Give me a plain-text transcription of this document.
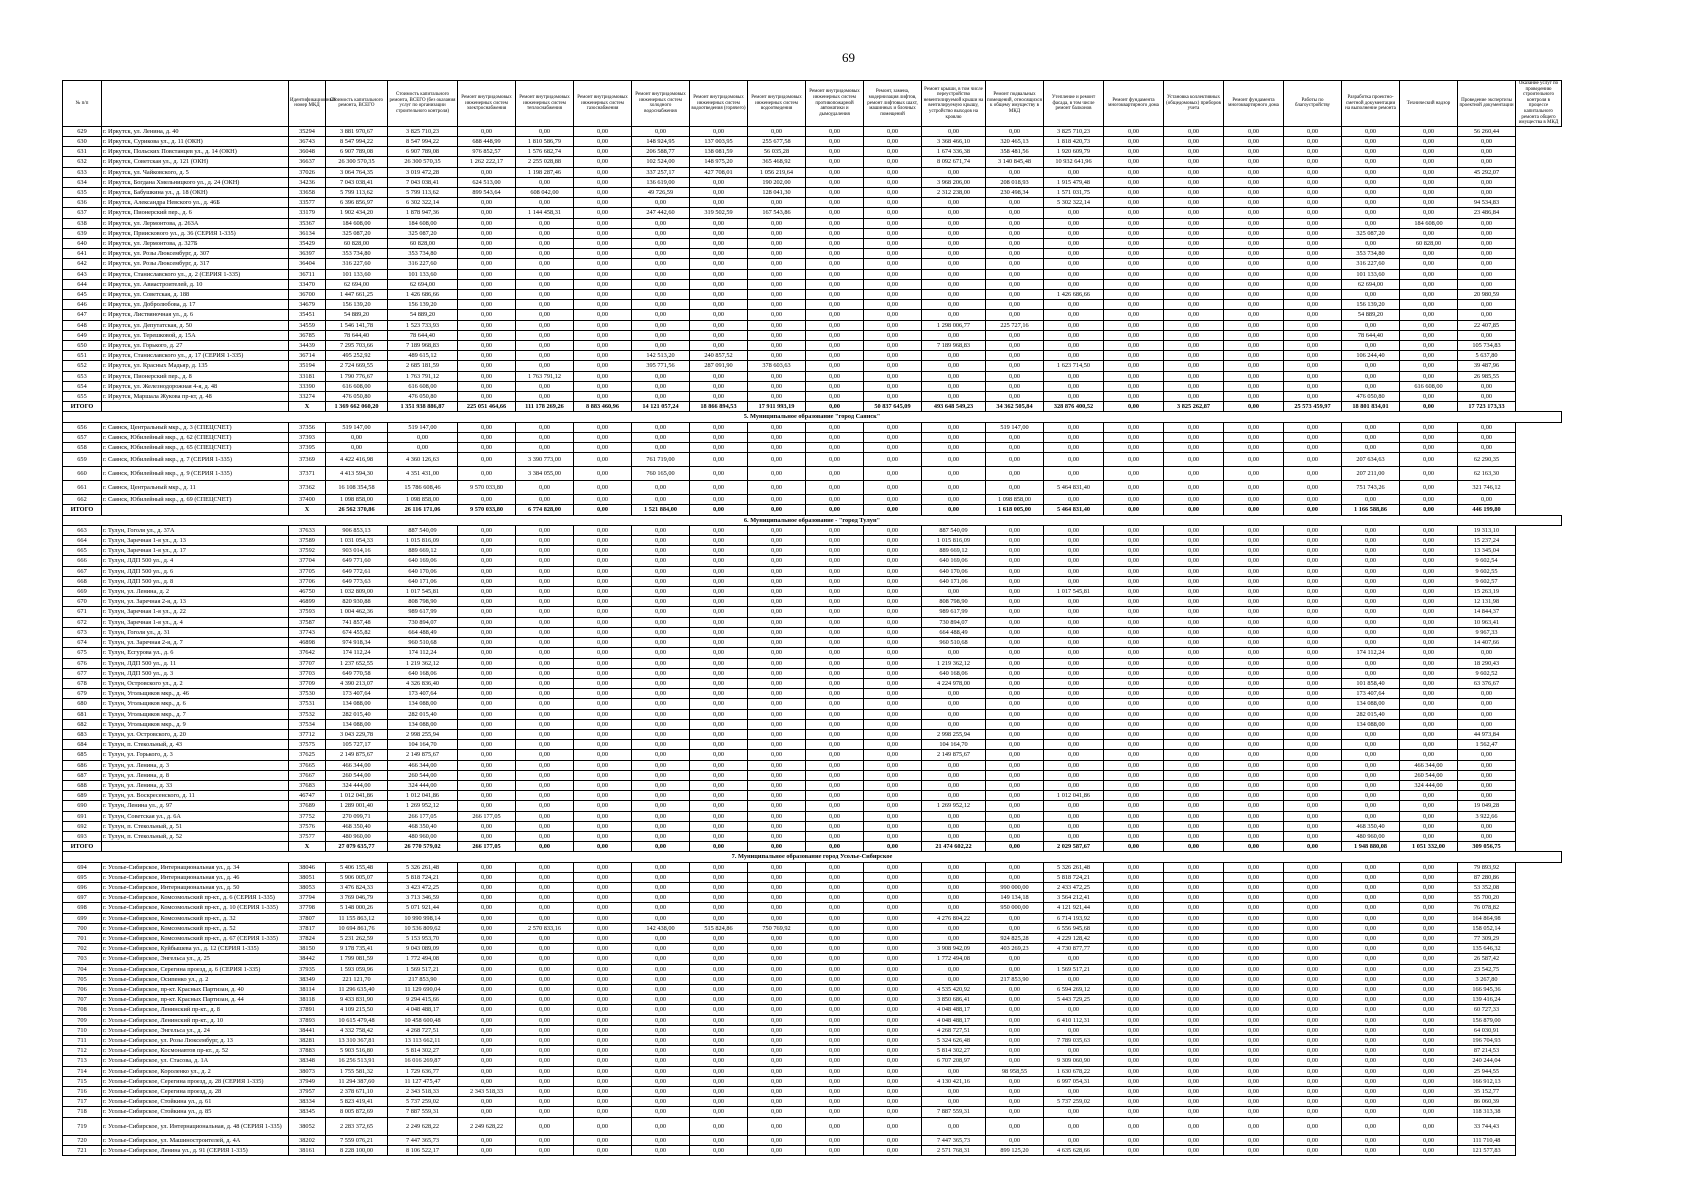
69
№ п/п		Идентификационный номер МКД	Стоимость капитального ремонта, ВСЕГО	Стоимость капитального ремонта, ВСЕГО (без оказания услуг по организации строительного контроля)	Ремонт внутридомовых инженерных систем электроснабжения	Ремонт внутридомовых инженерных систем теплоснабжения	Ремонт внутридомовых инженерных систем газоснабжения	Ремонт внутридомовых инженерных систем холодного водоснабжения	Ремонт внутридомовых инженерных систем водоотведения (горячего)	Ремонт внутридомовых инженерных систем водоотведения	Ремонт внутридомовых инженерных систем противопожарной автоматики и дымоудаления	Ремонт, замена, модернизация лифтов, ремонт лифтовых шахт, машинных и блочных помещений	Ремонт крыши, в том числе переустройство невентилируемой крыши на вентилируемую крышу, устройство выходов на кровлю	Ремонт подвальных помещений, относящихся к общему имуществу в МКД	Утепление и ремонт фасада, в том числе ремонт балконов	Ремонт фундамента многоквартирного дома	Установка коллективных (общедомовых) приборов учета	Ремонт фундамента многоквартирного дома	Работы по благоустройству	Разработка проектно-сметной документации на выполнение ремонта	Технический надзор	Проведение экспертизы проектной документации	Оказание услуг по проведению строительного контроля в процессе капитального ремонта общего имущества в МКД
629	г. Иркутск, ул. Ленина, д. 40	35294	3 881 970,67	3 825 710,23	0,00	0,00	0,00	0,00	0,00	0,00	0,00	0,00	0,00	0,00	3 825 710,23	0,00	0,00	0,00	0,00	0,00	0,00	56 260,44	
630	г. Иркутск, Сурикова ул., д. 11 (ОКН)	36743	8 547 994,22	8 547 994,22	688 448,99	1 810 586,79	0,00	148 924,95	137 003,95	255 677,58	0,00	0,00	3 368 466,10	320 465,13	1 818 420,73	0,00	0,00	0,00	0,00	0,00	0,00	0,00	
631	г. Иркутск, Польских Повстанцев ул., д. 14 (ОКН)	36048	6 907 789,08	6 907 789,08	976 852,57	1 576 682,74	0,00	206 588,77	138 081,59	56 035,28	0,00	0,00	1 674 336,38	358 481,56	1 920 609,79	0,00	0,00	0,00	0,00	0,00	0,00	0,00	
632	г. Иркутск, Советская ул., д. 121 (ОКН)	36637	26 300 570,35	26 300 570,35	1 262 222,17	2 255 028,88	0,00	102 524,00	148 975,20	365 468,92	0,00	0,00	8 092 671,74	3 140 845,48	10 932 641,96	0,00	0,00	0,00	0,00	0,00	0,00	0,00	
633	г. Иркутск, ул. Чайковского, д. 5	37026	3 064 764,35	3 019 472,28	0,00	1 198 287,46	0,00	337 257,17	427 708,01	1 056 219,64	0,00	0,00	0,00	0,00	0,00	0,00	0,00	0,00	0,00	0,00	0,00	45 292,07	
634	г. Иркутск, Богдана Хмельницкого ул., д. 24 (ОКН)	34236	7 043 038,41	7 043 038,41	624 513,00	0,00	0,00	136 619,00	0,00	190 202,00	0,00	0,00	3 968 206,00	208 018,93	1 915 479,48	0,00	0,00	0,00	0,00	0,00	0,00	0,00	
635	г. Иркутск, Бабушкина ул., д. 18 (ОКН)	33658	5 799 113,62	5 799 113,62	899 543,64	608 042,00	0,00	49 726,59	0,00	128 041,30	0,00	0,00	2 312 238,00	230 498,34	1 571 031,75	0,00	0,00	0,00	0,00	0,00	0,00	0,00	
636	г. Иркутск, Александра Невского ул., д. 46Б	33577	6 396 856,97	6 302 322,14	0,00	0,00	0,00	0,00	0,00	0,00	0,00	0,00	0,00	0,00	5 302 322,14	0,00	0,00	0,00	0,00	0,00	0,00	94 534,83	
637	г. Иркутск, Пионерский пер., д. 6	33179	1 902 434,20	1 878 947,36	0,00	1 144 458,31	0,00	247 442,60	319 502,59	167 543,86	0,00	0,00	0,00	0,00	0,00	0,00	0,00	0,00	0,00	0,00	0,00	23 486,84	
638	г. Иркутск, ул. Лермонтова, д. 263А	35367	184 608,00	184 608,00	0,00	0,00	0,00	0,00	0,00	0,00	0,00	0,00	0,00	0,00	0,00	0,00	0,00	0,00	0,00	0,00	184 608,00	0,00	
639	г. Иркутск, Приискового ул., д. 36 (СЕРИЯ 1-335)	36134	325 087,20	325 087,20	0,00	0,00	0,00	0,00	0,00	0,00	0,00	0,00	0,00	0,00	0,00	0,00	0,00	0,00	0,00	325 087,20	0,00	0,00	
640	г. Иркутск, ул. Лермонтова, д. 327Б	35429	60 828,00	60 828,00	0,00	0,00	0,00	0,00	0,00	0,00	0,00	0,00	0,00	0,00	0,00	0,00	0,00	0,00	0,00	0,00	60 828,00	0,00	
641	г. Иркутск, ул. Розы Люксембург, д. 307	36397	353 734,80	353 734,80	0,00	0,00	0,00	0,00	0,00	0,00	0,00	0,00	0,00	0,00	0,00	0,00	0,00	0,00	0,00	353 734,80	0,00	0,00	
642	г. Иркутск, ул. Розы Люксембург, д. 317	36404	316 227,60	316 227,60	0,00	0,00	0,00	0,00	0,00	0,00	0,00	0,00	0,00	0,00	0,00	0,00	0,00	0,00	0,00	316 227,60	0,00	0,00	
643	г. Иркутск, Станиславского ул., д. 2 (СЕРИЯ 1-335)	36711	101 133,60	101 133,60	0,00	0,00	0,00	0,00	0,00	0,00	0,00	0,00	0,00	0,00	0,00	0,00	0,00	0,00	0,00	101 133,60	0,00	0,00	
644	г. Иркутск, ул. Авиастроителей, д. 10	33470	62 694,00	62 694,00	0,00	0,00	0,00	0,00	0,00	0,00	0,00	0,00	0,00	0,00	0,00	0,00	0,00	0,00	0,00	62 694,00	0,00	0,00	
645	г. Иркутск, ул. Советская, д. 188	36700	1 447 661,25	1 426 686,66	0,00	0,00	0,00	0,00	0,00	0,00	0,00	0,00	0,00	0,00	1 426 686,66	0,00	0,00	0,00	0,00	0,00	0,00	20 980,59	
646	г. Иркутск, ул. Добролюбова, д. 17	34679	156 139,20	156 139,20	0,00	0,00	0,00	0,00	0,00	0,00	0,00	0,00	0,00	0,00	0,00	0,00	0,00	0,00	0,00	156 139,20	0,00	0,00	
647	г. Иркутск, Листвяночная ул., д. 6	35451	54 889,20	54 889,20	0,00	0,00	0,00	0,00	0,00	0,00	0,00	0,00	0,00	0,00	0,00	0,00	0,00	0,00	0,00	54 889,20	0,00	0,00	
648	г. Иркутск, ул. Депутатская, д. 50	34559	1 546 141,78	1 523 733,93	0,00	0,00	0,00	0,00	0,00	0,00	0,00	0,00	1 298 006,77	225 727,16	0,00	0,00	0,00	0,00	0,00	0,00	0,00	22 407,85	
649	г. Иркутск, ул. Терешковой, д. 15А	36785	78 644,40	78 644,40	0,00	0,00	0,00	0,00	0,00	0,00	0,00	0,00	0,00	0,00	0,00	0,00	0,00	0,00	0,00	78 644,40	0,00	0,00	
650	г. Иркутск, ул. Горького, д. 27	34439	7 295 703,66	7 189 968,83	0,00	0,00	0,00	0,00	0,00	0,00	0,00	0,00	7 189 968,83	0,00	0,00	0,00	0,00	0,00	0,00	0,00	0,00	105 734,83	
651	г. Иркутск, Станиславского ул., д. 17 (СЕРИЯ 1-335)	36714	495 252,92	489 615,12	0,00	0,00	0,00	142 513,20	240 857,52	0,00	0,00	0,00	0,00	0,00	0,00	0,00	0,00	0,00	0,00	106 244,40	0,00	5 637,80	
652	г. Иркутск, ул. Красных Мадьяр, д. 135	35194	2 724 669,55	2 685 181,59	0,00	0,00	0,00	395 771,56	287 091,90	378 603,63	0,00	0,00	0,00	0,00	1 623 714,50	0,00	0,00	0,00	0,00	0,00	0,00	39 487,96	
653	г. Иркутск, Пионерский пер., д. 8	33181	1 790 776,67	1 763 791,12	0,00	1 763 791,12	0,00	0,00	0,00	0,00	0,00	0,00	0,00	0,00	0,00	0,00	0,00	0,00	0,00	0,00	0,00	26 985,55	
654	г. Иркутск, ул. Железнодорожная 4-я, д. 48	33390	616 608,00	616 608,00	0,00	0,00	0,00	0,00	0,00	0,00	0,00	0,00	0,00	0,00	0,00	0,00	0,00	0,00	0,00	0,00	616 608,00	0,00	
655	г. Иркутск, Маршала Жукова пр-кт, д. 48	33274	476 050,80	476 050,80	0,00	0,00	0,00	0,00	0,00	0,00	0,00	0,00	0,00	0,00	0,00	0,00	0,00	0,00	0,00	476 050,80	0,00	0,00	
ИТОГО		X	1 369 662 060,20	1 351 938 886,87	225 051 464,66	111 178 269,26	8 883 460,96	14 121 057,24	18 866 894,53	17 911 993,19	0,00	50 837 645,09	493 648 549,23	34 362 505,84	328 876 400,52	0,00	3 825 262,87	0,00	25 573 459,97	18 801 834,01	0,00	17 723 173,33	
5. Муниципальное образование "город Саянск"																							
656	г. Саянск, Центральный мкр., д. 3 (СПЕЦСЧЕТ)	37356	519 147,00	519 147,00	0,00	0,00	0,00	0,00	0,00	0,00	0,00	0,00	0,00	519 147,00	0,00	0,00	0,00	0,00	0,00	0,00	0,00	0,00	
657	г. Саянск, Юбилейный мкр., д. 62 (СПЕЦСЧЕТ)	37393	0,00	0,00	0,00	0,00	0,00	0,00	0,00	0,00	0,00	0,00	0,00	0,00	0,00	0,00	0,00	0,00	0,00	0,00	0,00	0,00	
658	г. Саянск, Юбилейный мкр., д. 65 (СПЕЦСЧЕТ)	37395	0,00	0,00	0,00	0,00	0,00	0,00	0,00	0,00	0,00	0,00	0,00	0,00	0,00	0,00	0,00	0,00	0,00	0,00	0,00	0,00	
659	г. Саянск, Юбилейный мкр., д. 7 (СЕРИЯ 1-335)	37369	4 422 416,98	4 360 126,63	0,00	3 390 773,00	0,00	761 719,00	0,00	0,00	0,00	0,00	0,00	0,00	0,00	0,00	0,00	0,00	0,00	207 634,63	0,00	62 290,35	
660	г. Саянск, Юбилейный мкр., д. 9 (СЕРИЯ 1-335)	37371	4 413 594,30	4 351 431,00	0,00	3 384 055,00	0,00	760 165,00	0,00	0,00	0,00	0,00	0,00	0,00	0,00	0,00	0,00	0,00	0,00	207 211,00	0,00	62 163,30	
661	г. Саянск, Центральный мкр., д. 11	37362	16 108 354,58	15 786 608,46	9 570 033,80	0,00	0,00	0,00	0,00	0,00	0,00	0,00	0,00	0,00	5 464 831,40	0,00	0,00	0,00	0,00	751 743,26	0,00	321 746,12	
662	г. Саянск, Юбилейный мкр., д. 69 (СПЕЦСЧЕТ)	37400	1 098 858,00	1 098 858,00	0,00	0,00	0,00	0,00	0,00	0,00	0,00	0,00	0,00	1 098 858,00	0,00	0,00	0,00	0,00	0,00	0,00	0,00	0,00	
ИТОГО		X	26 562 370,86	26 116 171,06	9 570 033,80	6 774 828,00	0,00	1 521 884,00	0,00	0,00	0,00	0,00	0,00	1 618 005,00	5 464 831,40	0,00	0,00	0,00	0,00	1 166 588,86	0,00	446 199,80	
6. Муниципальное образование - "город Тулун"																							
663	г. Тулун, Гоголя ул., д. 37А	37633	906 853,13	887 540,09	0,00	0,00	0,00	0,00	0,00	0,00	0,00	0,00	887 540,09	0,00	0,00	0,00	0,00	0,00	0,00	0,00	0,00	19 313,10	
664	г. Тулун, Заречная 1-я ул., д. 13	37589	1 031 054,33	1 015 816,09	0,00	0,00	0,00	0,00	0,00	0,00	0,00	0,00	1 015 816,09	0,00	0,00	0,00	0,00	0,00	0,00	0,00	0,00	15 237,24	
665	г. Тулун, Заречная 1-я ул., д. 17	37592	903 014,16	889 669,12	0,00	0,00	0,00	0,00	0,00	0,00	0,00	0,00	889 669,12	0,00	0,00	0,00	0,00	0,00	0,00	0,00	0,00	13 345,04	
666	г. Тулун, ЛДП 500 ул., д. 4	37704	649 771,60	640 169,06	0,00	0,00	0,00	0,00	0,00	0,00	0,00	0,00	640 169,06	0,00	0,00	0,00	0,00	0,00	0,00	0,00	0,00	9 602,54	
667	г. Тулун, ЛДП 500 ул., д. 6	37705	649 772,61	640 170,06	0,00	0,00	0,00	0,00	0,00	0,00	0,00	0,00	640 170,06	0,00	0,00	0,00	0,00	0,00	0,00	0,00	0,00	9 602,55	
668	г. Тулун, ЛДП 500 ул., д. 8	37706	649 773,63	640 171,06	0,00	0,00	0,00	0,00	0,00	0,00	0,00	0,00	640 171,06	0,00	0,00	0,00	0,00	0,00	0,00	0,00	0,00	9 602,57	
669	г. Тулун, ул. Ленина, д. 2	46750	1 032 809,00	1 017 545,81	0,00	0,00	0,00	0,00	0,00	0,00	0,00	0,00	0,00	0,00	1 017 545,81	0,00	0,00	0,00	0,00	0,00	0,00	15 263,19	
670	г. Тулун, ул. Заречная 2-я, д. 13	46899	820 930,88	808 798,90	0,00	0,00	0,00	0,00	0,00	0,00	0,00	0,00	808 798,90	0,00	0,00	0,00	0,00	0,00	0,00	0,00	0,00	12 131,98	
671	г. Тулун, Заречная 1-я ул., д. 22	37593	1 004 462,36	989 617,99	0,00	0,00	0,00	0,00	0,00	0,00	0,00	0,00	989 617,99	0,00	0,00	0,00	0,00	0,00	0,00	0,00	0,00	14 844,37	
672	г. Тулун, Заречная 1-я ул., д. 4	37587	741 857,48	730 894,07	0,00	0,00	0,00	0,00	0,00	0,00	0,00	0,00	730 894,07	0,00	0,00	0,00	0,00	0,00	0,00	0,00	0,00	10 963,41	
673	г. Тулун, Гоголя ул., д. 31	37743	674 455,82	664 488,49	0,00	0,00	0,00	0,00	0,00	0,00	0,00	0,00	664 488,49	0,00	0,00	0,00	0,00	0,00	0,00	0,00	0,00	9 967,33	
674	г. Тулун, ул. Заречная 2-я, д. 7	46898	974 918,34	960 510,68	0,00	0,00	0,00	0,00	0,00	0,00	0,00	0,00	960 510,68	0,00	0,00	0,00	0,00	0,00	0,00	0,00	0,00	14 407,66	
675	г. Тулун, Есгурова ул., д. 6	37642	174 112,24	174 112,24	0,00	0,00	0,00	0,00	0,00	0,00	0,00	0,00	0,00	0,00	0,00	0,00	0,00	0,00	0,00	174 112,24	0,00	0,00	
676	г. Тулун, ЛДП 500 ул., д. 11	37707	1 237 652,55	1 219 362,12	0,00	0,00	0,00	0,00	0,00	0,00	0,00	0,00	1 219 362,12	0,00	0,00	0,00	0,00	0,00	0,00	0,00	0,00	18 290,43	
677	г. Тулун, ЛДП 500 ул., д. 3	37703	649 770,58	640 168,06	0,00	0,00	0,00	0,00	0,00	0,00	0,00	0,00	640 168,06	0,00	0,00	0,00	0,00	0,00	0,00	0,00	0,00	9 602,52	
678	г. Тулун, Островского ул., д. 2	37709	4 390 213,07	4 326 836,40	0,00	0,00	0,00	0,00	0,00	0,00	0,00	0,00	4 224 978,00	0,00	0,00	0,00	0,00	0,00	0,00	101 858,40	0,00	63 376,67	
679	г. Тулун, Угольщиков мкр., д. 46	37530	173 407,64	173 407,64	0,00	0,00	0,00	0,00	0,00	0,00	0,00	0,00	0,00	0,00	0,00	0,00	0,00	0,00	0,00	173 407,64	0,00	0,00	
680	г. Тулун, Угольщиков мкр., д. 6	37531	134 088,00	134 088,00	0,00	0,00	0,00	0,00	0,00	0,00	0,00	0,00	0,00	0,00	0,00	0,00	0,00	0,00	0,00	134 088,00	0,00	0,00	
681	г. Тулун, Угольщиков мкр., д. 7	37532	282 015,40	282 015,40	0,00	0,00	0,00	0,00	0,00	0,00	0,00	0,00	0,00	0,00	0,00	0,00	0,00	0,00	0,00	282 015,40	0,00	0,00	
682	г. Тулун, Угольщиков мкр., д. 9	37534	134 088,00	134 088,00	0,00	0,00	0,00	0,00	0,00	0,00	0,00	0,00	0,00	0,00	0,00	0,00	0,00	0,00	0,00	134 088,00	0,00	0,00	
683	г. Тулун, ул. Островского, д. 20	37712	3 043 229,78	2 998 255,94	0,00	0,00	0,00	0,00	0,00	0,00	0,00	0,00	2 998 255,94	0,00	0,00	0,00	0,00	0,00	0,00	0,00	0,00	44 973,84	
684	г. Тулун, п. Стекольный, д. 43	37575	105 727,17	104 164,70	0,00	0,00	0,00	0,00	0,00	0,00	0,00	0,00	104 164,70	0,00	0,00	0,00	0,00	0,00	0,00	0,00	0,00	1 562,47	
685	г. Тулун, ул. Горького, д. 3	37625	2 149 875,67	2 149 875,67	0,00	0,00	0,00	0,00	0,00	0,00	0,00	0,00	2 149 875,67	0,00	0,00	0,00	0,00	0,00	0,00	0,00	0,00	0,00	
686	г. Тулун, ул. Ленина, д. 3	37665	466 344,00	466 344,00	0,00	0,00	0,00	0,00	0,00	0,00	0,00	0,00	0,00	0,00	0,00	0,00	0,00	0,00	0,00	0,00	466 344,00	0,00	
687	г. Тулун, ул. Ленина, д. 8	37667	260 544,00	260 544,00	0,00	0,00	0,00	0,00	0,00	0,00	0,00	0,00	0,00	0,00	0,00	0,00	0,00	0,00	0,00	0,00	260 544,00	0,00	
688	г. Тулун, ул. Ленина, д. 33	37683	324 444,00	324 444,00	0,00	0,00	0,00	0,00	0,00	0,00	0,00	0,00	0,00	0,00	0,00	0,00	0,00	0,00	0,00	0,00	324 444,00	0,00	
689	г. Тулун, ул. Воскресенского, д. 11	46747	1 012 041,86	1 012 041,86	0,00	0,00	0,00	0,00	0,00	0,00	0,00	0,00	0,00	0,00	1 012 041,86	0,00	0,00	0,00	0,00	0,00	0,00	0,00	
690	г. Тулун, Ленина ул., д. 97	37689	1 289 001,40	1 269 952,12	0,00	0,00	0,00	0,00	0,00	0,00	0,00	0,00	1 269 952,12	0,00	0,00	0,00	0,00	0,00	0,00	0,00	0,00	19 049,28	
691	г. Тулун, Советская ул., д. 6А	37752	270 099,71	266 177,05	266 177,05	0,00	0,00	0,00	0,00	0,00	0,00	0,00	0,00	0,00	0,00	0,00	0,00	0,00	0,00	0,00	0,00	3 922,66	
692	г. Тулун, п. Стекольный, д. 51	37576	468 350,40	468 350,40	0,00	0,00	0,00	0,00	0,00	0,00	0,00	0,00	0,00	0,00	0,00	0,00	0,00	0,00	0,00	468 350,40	0,00	0,00	
693	г. Тулун, п. Стекольный, д. 52	37577	480 960,00	480 960,00	0,00	0,00	0,00	0,00	0,00	0,00	0,00	0,00	0,00	0,00	0,00	0,00	0,00	0,00	0,00	480 960,00	0,00	0,00	
ИТОГО		X	27 079 635,77	26 770 579,02	266 177,05	0,00	0,00	0,00	0,00	0,00	0,00	0,00	21 474 602,22	0,00	2 029 587,67	0,00	0,00	0,00	0,00	1 948 880,08	1 051 332,00	309 056,75	
7. Муниципальное образование город Усолье-Сибирское																							
694	г. Усолье-Сибирское, Интернациональная ул., д. 34	38046	5 406 155,48	5 326 261,48	0,00	0,00	0,00	0,00	0,00	0,00	0,00	0,00	0,00	0,00	5 326 261,48	0,00	0,00	0,00	0,00	0,00	0,00	79 893,92	
695	г. Усолье-Сибирское, Интернациональная ул., д. 46	38051	5 906 005,07	5 818 724,21	0,00	0,00	0,00	0,00	0,00	0,00	0,00	0,00	0,00	0,00	5 818 724,21	0,00	0,00	0,00	0,00	0,00	0,00	87 280,86	
696	г. Усолье-Сибирское, Интернациональная ул., д. 50	38053	3 476 824,33	3 423 472,25	0,00	0,00	0,00	0,00	0,00	0,00	0,00	0,00	0,00	990 000,00	2 433 472,25	0,00	0,00	0,00	0,00	0,00	0,00	53 352,08	
697	г. Усолье-Сибирское, Комсомольский пр-кт., д. 6 (СЕРИЯ 1-335)	37794	3 769 046,79	3 713 346,59	0,00	0,00	0,00	0,00	0,00	0,00	0,00	0,00	0,00	149 134,18	3 564 212,41	0,00	0,00	0,00	0,00	0,00	0,00	55 700,20	
698	г. Усолье-Сибирское, Комсомольский пр-кт., д. 10 (СЕРИЯ 1-335)	37798	5 148 000,26	5 071 921,44	0,00	0,00	0,00	0,00	0,00	0,00	0,00	0,00	0,00	950 000,00	4 121 921,44	0,00	0,00	0,00	0,00	0,00	0,00	76 078,82	
699	г. Усолье-Сибирское, Комсомольский пр-кт., д. 32	37807	11 155 863,12	10 990 998,14	0,00	0,00	0,00	0,00	0,00	0,00	0,00	0,00	4 276 804,22	0,00	6 714 193,92	0,00	0,00	0,00	0,00	0,00	0,00	164 864,98	
700	г. Усолье-Сибирское, Комсомольский пр-кт., д. 52	37817	10 694 861,76	10 536 809,62	0,00	2 570 833,16	0,00	142 438,00	515 824,86	750 769,92	0,00	0,00	0,00	0,00	6 556 945,68	0,00	0,00	0,00	0,00	0,00	0,00	158 052,14	
701	г. Усолье-Сибирское, Комсомольский пр-кт., д. 67 (СЕРИЯ 1-335)	37824	5 231 262,59	5 153 953,70	0,00	0,00	0,00	0,00	0,00	0,00	0,00	0,00	0,00	924 825,28	4 229 128,42	0,00	0,00	0,00	0,00	0,00	0,00	77 309,29	
702	г. Усолье-Сибирское, Куйбышева ул., д. 12 (СЕРИЯ 1-335)	38150	9 178 735,41	9 043 089,09	0,00	0,00	0,00	0,00	0,00	0,00	0,00	0,00	3 908 942,09	403 269,23	4 730 877,77	0,00	0,00	0,00	0,00	0,00	0,00	135 646,32	
703	г. Усолье-Сибирское, Энгельса ул., д. 25	38442	1 799 081,59	1 772 494,08	0,00	0,00	0,00	0,00	0,00	0,00	0,00	0,00	1 772 494,08	0,00	0,00	0,00	0,00	0,00	0,00	0,00	0,00	26 587,42	
704	г. Усолье-Сибирское, Серегина проезд, д. 6 (СЕРИЯ 1-335)	37935	1 593 059,96	1 569 517,21	0,00	0,00	0,00	0,00	0,00	0,00	0,00	0,00	0,00	0,00	1 569 517,21	0,00	0,00	0,00	0,00	0,00	0,00	23 542,75	
705	г. Усолье-Сибирское, Осипенко ул., д. 2	38349	221 121,70	217 853,90	0,00	0,00	0,00	0,00	0,00	0,00	0,00	0,00	0,00	217 853,90	0,00	0,00	0,00	0,00	0,00	0,00	0,00	3 267,80	
706	г. Усолье-Сибирское, пр-кт. Красных Партизан, д. 40	38114	11 296 635,40	11 129 690,04	0,00	0,00	0,00	0,00	0,00	0,00	0,00	0,00	4 535 420,92	0,00	6 594 269,12	0,00	0,00	0,00	0,00	0,00	0,00	166 945,36	
707	г. Усолье-Сибирское, пр-кт. Красных Партизан, д. 44	38118	9 433 831,90	9 294 415,66	0,00	0,00	0,00	0,00	0,00	0,00	0,00	0,00	3 850 686,41	0,00	5 443 729,25	0,00	0,00	0,00	0,00	0,00	0,00	139 416,24	
708	г. Усолье-Сибирское, Ленинский пр-кт., д. 8	37891	4 109 215,50	4 048 488,17	0,00	0,00	0,00	0,00	0,00	0,00	0,00	0,00	4 048 488,17	0,00	0,00	0,00	0,00	0,00	0,00	0,00	0,00	60 727,33	
709	г. Усолье-Сибирское, Ленинский пр-кт., д. 10	37893	10 615 479,48	10 458 600,48	0,00	0,00	0,00	0,00	0,00	0,00	0,00	0,00	4 048 488,17	0,00	6 410 112,31	0,00	0,00	0,00	0,00	0,00	0,00	156 879,00	
710	г. Усолье-Сибирское, Энгельса ул., д. 24	38441	4 332 758,42	4 268 727,51	0,00	0,00	0,00	0,00	0,00	0,00	0,00	0,00	4 268 727,51	0,00	0,00	0,00	0,00	0,00	0,00	0,00	0,00	64 030,91	
711	г. Усолье-Сибирское, ул. Розы Люксембург, д. 13	38281	13 310 367,81	13 113 662,11	0,00	0,00	0,00	0,00	0,00	0,00	0,00	0,00	5 324 626,48	0,00	7 789 035,63	0,00	0,00	0,00	0,00	0,00	0,00	196 704,93	
712	г. Усолье-Сибирское, Космонавтов пр-кт., д. 52	37883	5 903 516,80	5 814 302,27	0,00	0,00	0,00	0,00	0,00	0,00	0,00	0,00	5 814 302,27	0,00	0,00	0,00	0,00	0,00	0,00	0,00	0,00	87 214,53	
713	г. Усолье-Сибирское, ул. Стасова, д. 1А	38348	16 256 513,91	16 016 269,87	0,00	0,00	0,00	0,00	0,00	0,00	0,00	0,00	6 707 208,97	0,00	9 309 060,90	0,00	0,00	0,00	0,00	0,00	0,00	240 244,04	
714	г. Усолье-Сибирское, Короленко ул., д. 2	38073	1 755 581,32	1 729 636,77	0,00	0,00	0,00	0,00	0,00	0,00	0,00	0,00	0,00	98 958,55	1 630 678,22	0,00	0,00	0,00	0,00	0,00	0,00	25 944,55	
715	г. Усолье-Сибирское, Серегина проезд, д. 28 (СЕРИЯ 1-335)	37949	11 294 387,60	11 127 475,47	0,00	0,00	0,00	0,00	0,00	0,00	0,00	0,00	4 130 421,16	0,00	6 997 054,31	0,00	0,00	0,00	0,00	0,00	0,00	166 912,13	
716	г. Усолье-Сибирское, Серегина проезд, д. 28	37957	2 378 671,10	2 343 518,33	2 343 518,33	0,00	0,00	0,00	0,00	0,00	0,00	0,00	0,00	0,00	0,00	0,00	0,00	0,00	0,00	0,00	0,00	35 152,77	
717	г. Усолье-Сибирское, Стойкина ул., д. 61	38334	5 823 419,41	5 737 259,02	0,00	0,00	0,00	0,00	0,00	0,00	0,00	0,00	0,00	0,00	5 737 259,02	0,00	0,00	0,00	0,00	0,00	0,00	86 060,39	
718	г. Усолье-Сибирское, Стойкина ул., д. 85	38345	8 005 872,69	7 887 559,31	0,00	0,00	0,00	0,00	0,00	0,00	0,00	0,00	7 887 559,31	0,00	0,00	0,00	0,00	0,00	0,00	0,00	0,00	118 313,38	
719	г. Усолье-Сибирское, ул. Интернациональная, д. 48 (СЕРИЯ 1-335)	38052	2 283 372,65	2 249 628,22	2 249 628,22	0,00	0,00	0,00	0,00	0,00	0,00	0,00	0,00	0,00	0,00	0,00	0,00	0,00	0,00	0,00	0,00	33 744,43	
720	г. Усолье-Сибирское, ул. Машиностроителей, д. 4А	38202	7 559 076,21	7 447 365,73	0,00	0,00	0,00	0,00	0,00	0,00	0,00	0,00	7 447 365,73	0,00	0,00	0,00	0,00	0,00	0,00	0,00	0,00	111 710,48	
721	г. Усолье-Сибирское, Ленина ул., д. 91 (СЕРИЯ 1-335)	38161	8 228 100,00	8 106 522,17	0,00	0,00	0,00	0,00	0,00	0,00	0,00	0,00	2 571 768,31	899 125,20	4 635 628,66	0,00	0,00	0,00	0,00	0,00	0,00	121 577,83	
